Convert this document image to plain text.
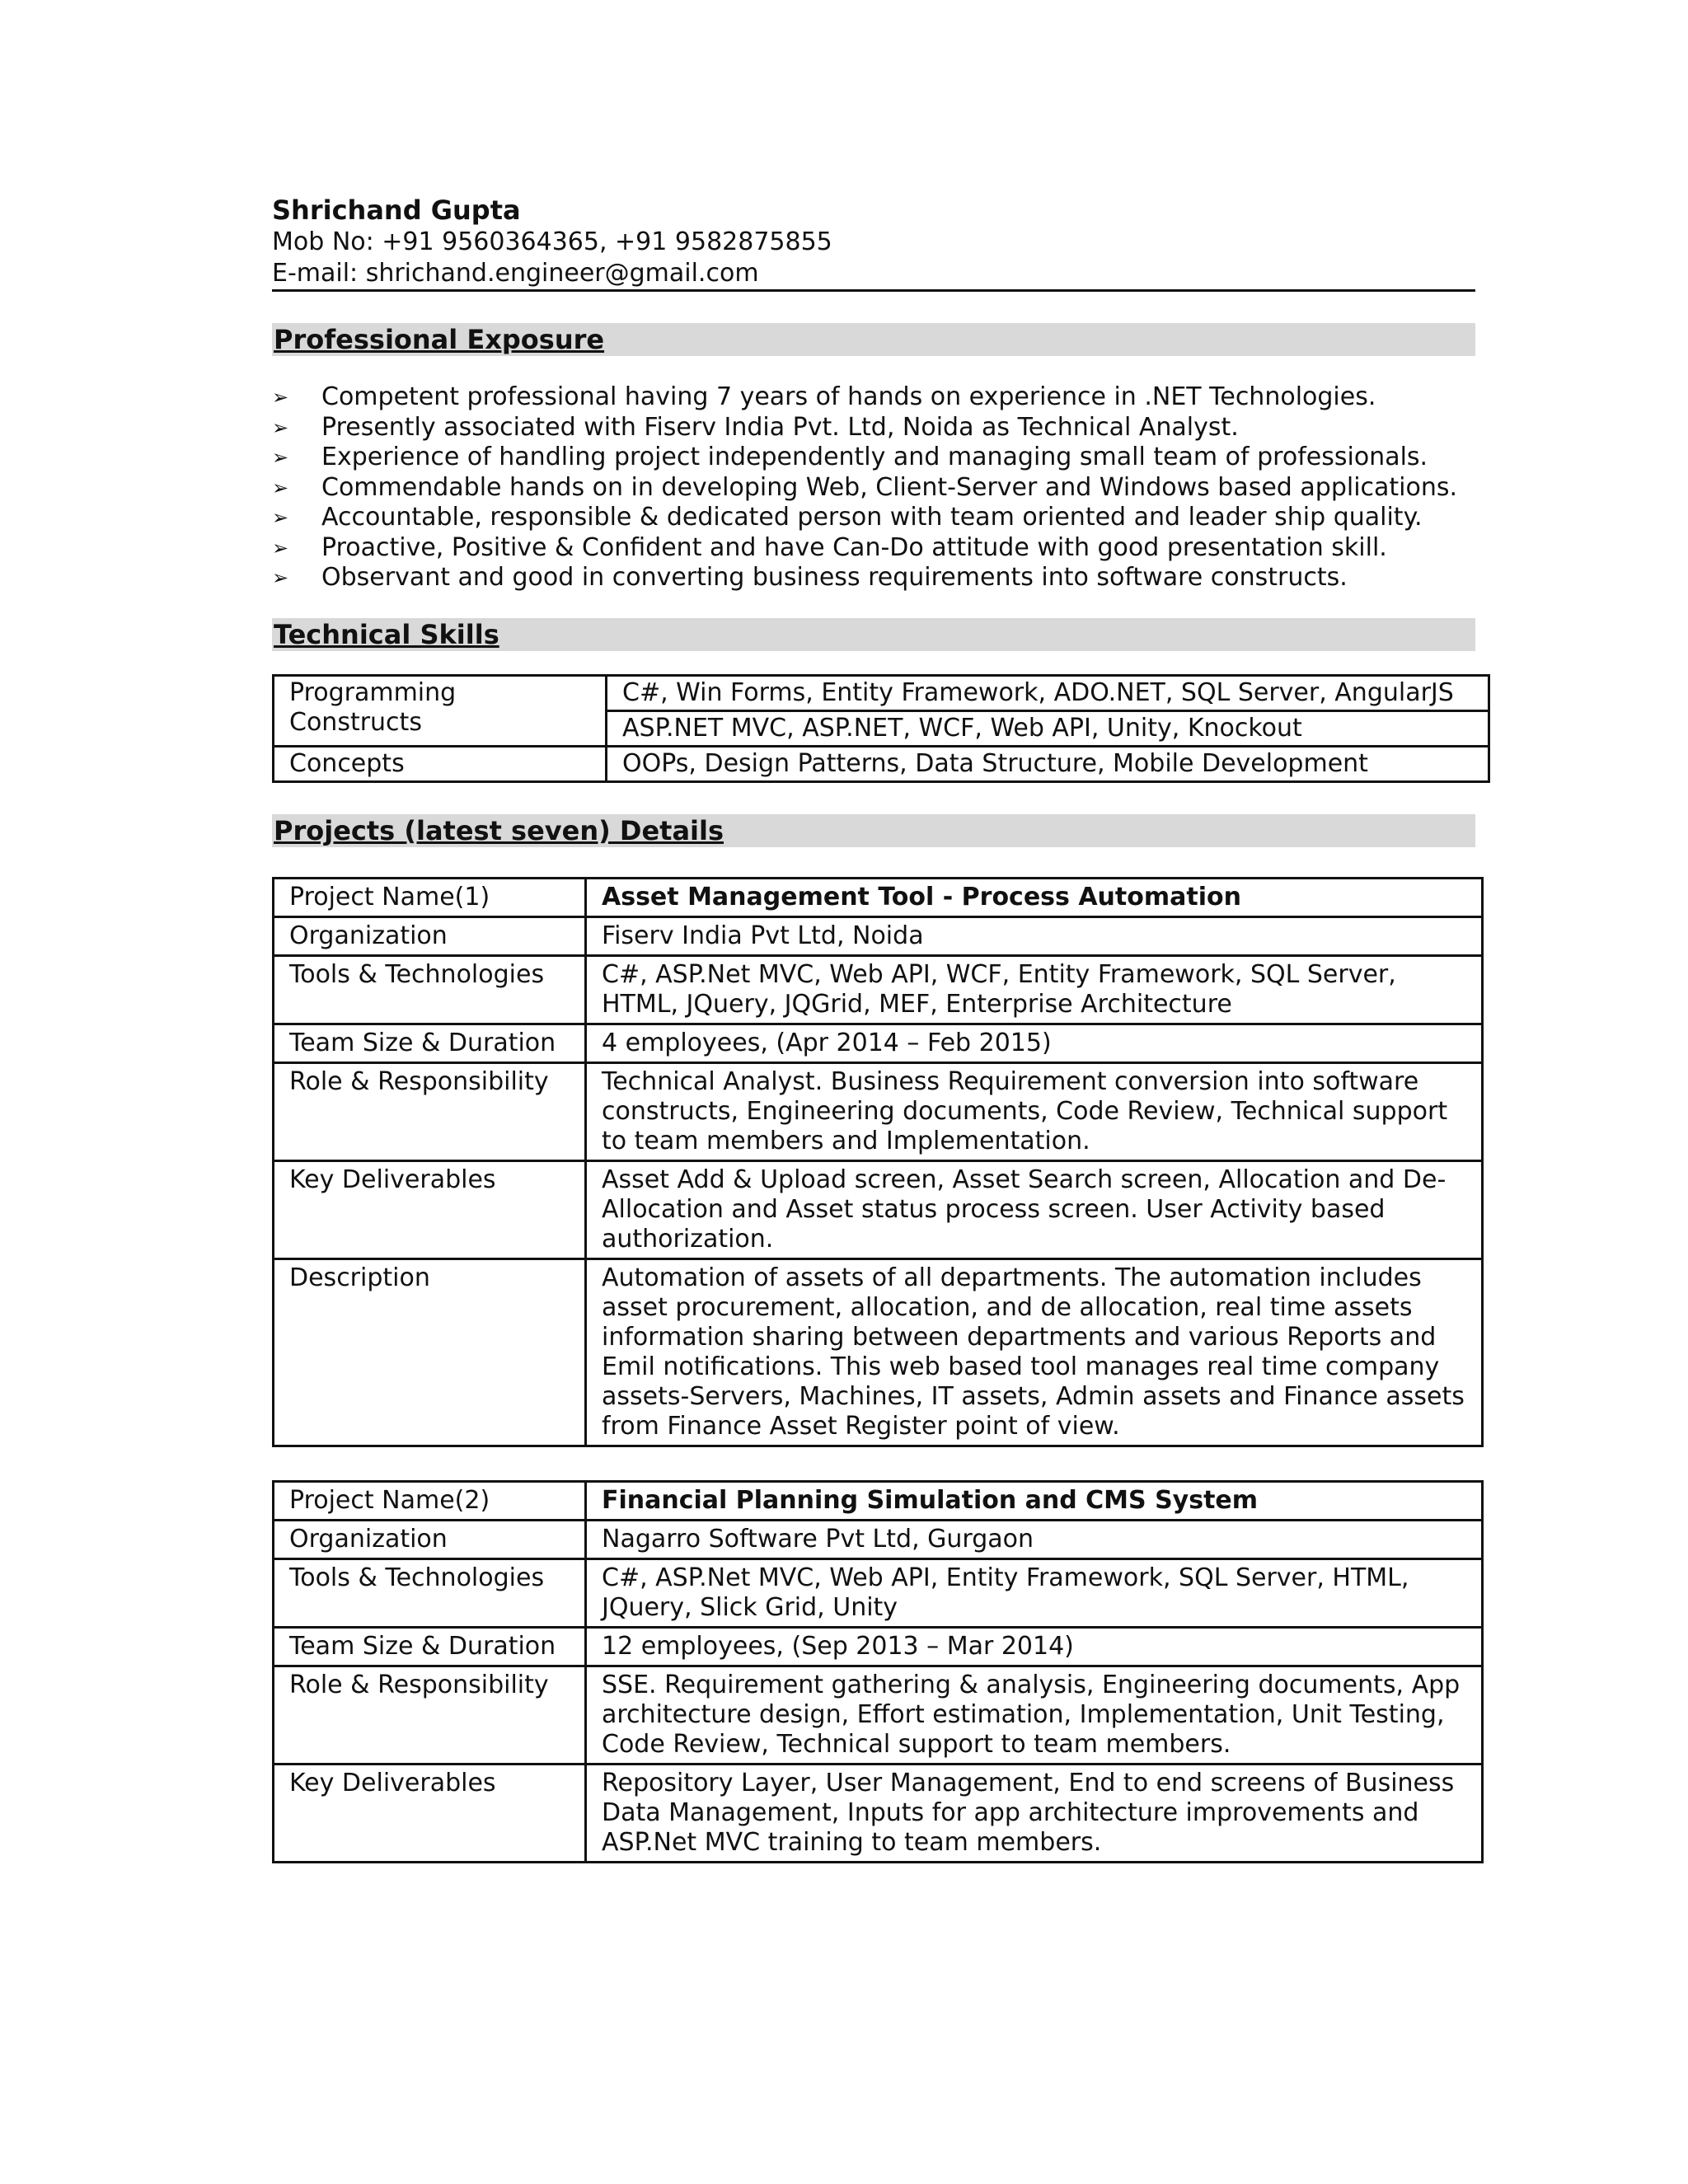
Shrichand Gupta
Mob No: +91 9560364365, +91 9582875855
E-mail: shrichand.engineer@gmail.com
Professional Exposure
➢ Competent professional having 7 years of hands on experience in .NET Technologies.
➢ Presently associated with Fiserv India Pvt. Ltd, Noida as Technical Analyst.
➢ Experience of handling project independently and managing small team of professionals.
➢ Commendable hands on in developing Web, Client-Server and Windows based applications.
➢ Accountable, responsible & dedicated person with team oriented and leader ship quality.
➢ Proactive, Positive & Confident and have Can-Do attitude with good presentation skill.
➢ Observant and good in converting business requirements into software constructs.
Technical Skills
Programming Constructs	C#, Win Forms, Entity Framework, ADO.NET, SQL Server, AngularJS
	ASP.NET MVC, ASP.NET, WCF, Web API, Unity, Knockout
Concepts	OOPs, Design Patterns, Data Structure, Mobile Development
Projects (latest seven) Details
Project Name(1)	Asset Management Tool - Process Automation
Organization	Fiserv India Pvt Ltd, Noida
Tools & Technologies	C#, ASP.Net MVC, Web API, WCF, Entity Framework, SQL Server, HTML, JQuery, JQGrid, MEF, Enterprise Architecture
Team Size & Duration	4 employees, (Apr 2014 – Feb 2015)
Role & Responsibility	Technical Analyst. Business Requirement conversion into software constructs, Engineering documents, Code Review, Technical support to team members and Implementation.
Key Deliverables	Asset Add & Upload screen, Asset Search screen, Allocation and De-Allocation and Asset status process screen. User Activity based authorization.
Description	Automation of assets of all departments. The automation includes asset procurement, allocation, and de allocation, real time assets information sharing between departments and various Reports and Emil notifications. This web based tool manages real time company assets-Servers, Machines, IT assets, Admin assets and Finance assets from Finance Asset Register point of view.
Project Name(2)	Financial Planning Simulation and CMS System
Organization	Nagarro Software Pvt Ltd, Gurgaon
Tools & Technologies	C#, ASP.Net MVC, Web API, Entity Framework, SQL Server, HTML, JQuery, Slick Grid, Unity
Team Size & Duration	12 employees, (Sep 2013 – Mar 2014)
Role & Responsibility	SSE. Requirement gathering & analysis, Engineering documents, App architecture design, Effort estimation, Implementation, Unit Testing, Code Review, Technical support to team members.
Key Deliverables	Repository Layer, User Management, End to end screens of Business Data Management, Inputs for app architecture improvements and ASP.Net MVC training to team members.
